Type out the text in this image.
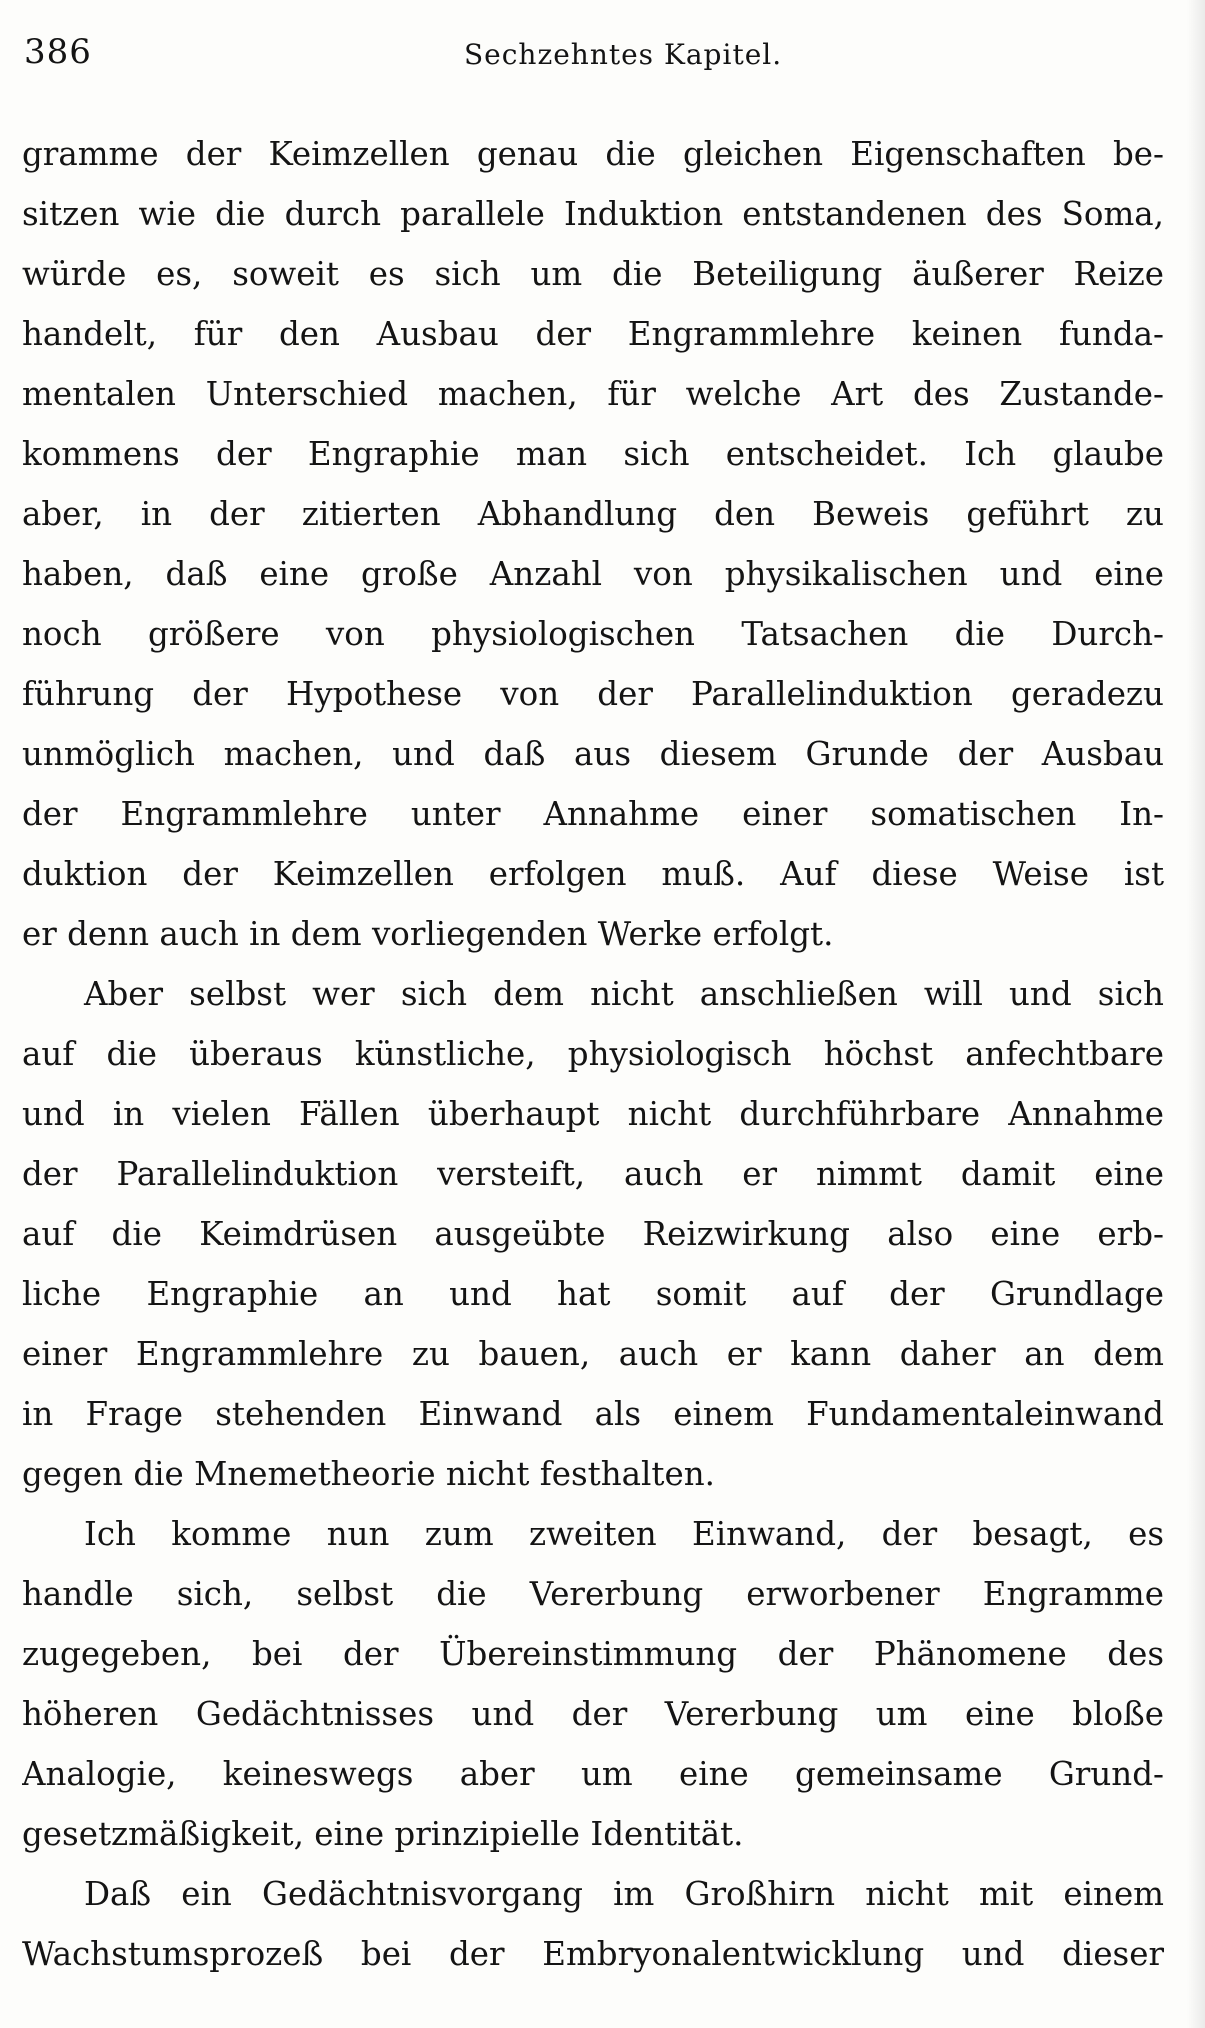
386	Sechzehntes Kapitel.
gramme der Keimzellen genau die gleichen Eigenschaften be-
sitzen wie die durch parallele Induktion entstandenen des Soma,
würde es, soweit es sich um die Beteiligung äußerer Reize
handelt, für den Ausbau der Engrammlehre keinen funda-
mentalen Unterschied machen, für welche Art des Zustande-
kommens der Engraphie man sich entscheidet. Ich glaube
aber, in der zitierten Abhandlung den Beweis geführt zu
haben, daß eine große Anzahl von physikalischen und eine
noch größere von physiologischen Tatsachen die Durch-
führung der Hypothese von der Parallelinduktion geradezu
unmöglich machen, und daß aus diesem Grunde der Ausbau
der Engrammlehre unter Annahme einer somatischen In-
duktion der Keimzellen erfolgen muß. Auf diese Weise ist
er denn auch in dem vorliegenden Werke erfolgt.
Aber selbst wer sich dem nicht anschließen will und sich
auf die überaus künstliche, physiologisch höchst anfechtbare
und in vielen Fällen überhaupt nicht durchführbare Annahme
der Parallelinduktion versteift, auch er nimmt damit eine
auf die Keimdrüsen ausgeübte Reizwirkung also eine erb-
liche Engraphie an und hat somit auf der Grundlage
einer Engrammlehre zu bauen, auch er kann daher an dem
in Frage stehenden Einwand als einem Fundamentaleinwand
gegen die Mnemetheorie nicht festhalten.
Ich komme nun zum zweiten Einwand, der besagt, es
handle sich, selbst die Vererbung erworbener Engramme
zugegeben, bei der Übereinstimmung der Phänomene des
höheren Gedächtnisses und der Vererbung um eine bloße
Analogie, keineswegs aber um eine gemeinsame Grund-
gesetzmäßigkeit, eine prinzipielle Identität.
Daß ein Gedächtnisvorgang im Großhirn nicht mit einem
Wachstumsprozeß bei der Embryonalentwicklung und dieser
